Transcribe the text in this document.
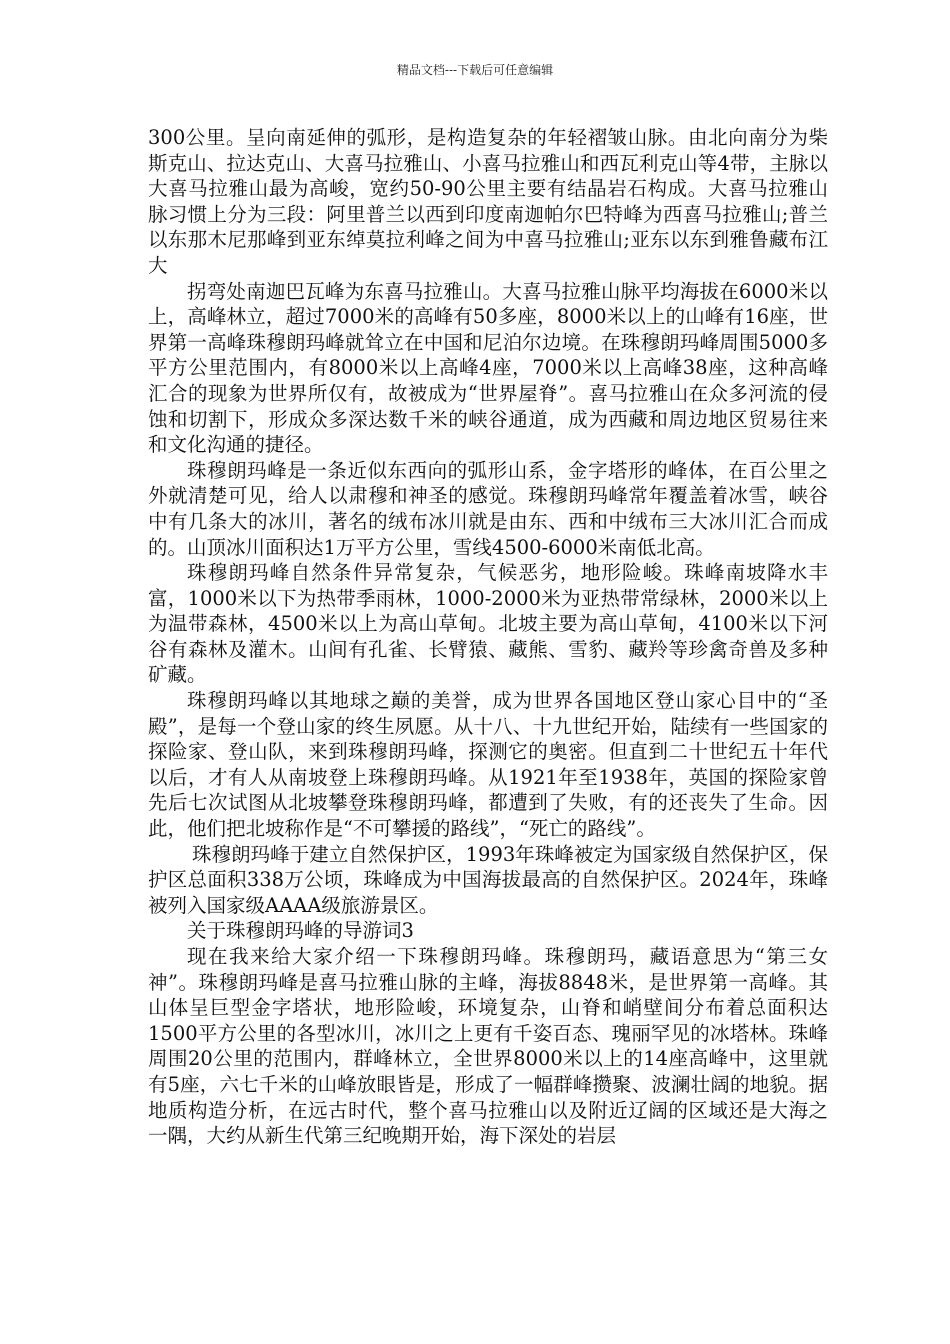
精品文档---下载后可任意编辑

300公里。呈向南延伸的弧形，是构造复杂的年轻褶皱山脉。由北向南分为柴斯克山、拉达克山、大喜马拉雅山、小喜马拉雅山和西瓦利克山等4带，主脉以大喜马拉雅山最为高峻，宽约50-90公里主要有结晶岩石构成。大喜马拉雅山脉习惯上分为三段：阿里普兰以西到印度南迦帕尔巴特峰为西喜马拉雅山;普兰以东那木尼那峰到亚东绰莫拉利峰之间为中喜马拉雅山;亚东以东到雅鲁藏布江大

拐弯处南迦巴瓦峰为东喜马拉雅山。大喜马拉雅山脉平均海拔在6000米以上，高峰林立，超过7000米的高峰有50多座，8000米以上的山峰有16座，世界第一高峰珠穆朗玛峰就耸立在中国和尼泊尔边境。在珠穆朗玛峰周围5000多平方公里范围内，有8000米以上高峰4座，7000米以上高峰38座，这种高峰汇合的现象为世界所仅有，故被成为“世界屋脊”。喜马拉雅山在众多河流的侵蚀和切割下，形成众多深达数千米的峡谷通道，成为西藏和周边地区贸易往来和文化沟通的捷径。

珠穆朗玛峰是一条近似东西向的弧形山系，金字塔形的峰体，在百公里之外就清楚可见，给人以肃穆和神圣的感觉。珠穆朗玛峰常年覆盖着冰雪，峡谷中有几条大的冰川，著名的绒布冰川就是由东、西和中绒布三大冰川汇合而成的。山顶冰川面积达1万平方公里，雪线4500-6000米南低北高。

珠穆朗玛峰自然条件异常复杂，气候恶劣，地形险峻。珠峰南坡降水丰富，1000米以下为热带季雨林，1000-2000米为亚热带常绿林，2000米以上为温带森林，4500米以上为高山草甸。北坡主要为高山草甸，4100米以下河谷有森林及灌木。山间有孔雀、长臂猿、藏熊、雪豹、藏羚等珍禽奇兽及多种矿藏。

珠穆朗玛峰以其地球之巅的美誉，成为世界各国地区登山家心目中的“圣殿”，是每一个登山家的终生夙愿。从十八、十九世纪开始，陆续有一些国家的探险家、登山队，来到珠穆朗玛峰，探测它的奥密。但直到二十世纪五十年代以后，才有人从南坡登上珠穆朗玛峰。从1921年至1938年，英国的探险家曾先后七次试图从北坡攀登珠穆朗玛峰，都遭到了失败，有的还丧失了生命。因此，他们把北坡称作是“不可攀援的路线”，“死亡的路线”。

珠穆朗玛峰于建立自然保护区，1993年珠峰被定为国家级自然保护区，保护区总面积338万公顷，珠峰成为中国海拔最高的自然保护区。2024年，珠峰被列入国家级AAAA级旅游景区。

关于珠穆朗玛峰的导游词3

现在我来给大家介绍一下珠穆朗玛峰。珠穆朗玛，藏语意思为“第三女神”。珠穆朗玛峰是喜马拉雅山脉的主峰，海拔8848米，是世界第一高峰。其山体呈巨型金字塔状，地形险峻，环境复杂，山脊和峭壁间分布着总面积达1500平方公里的各型冰川，冰川之上更有千姿百态、瑰丽罕见的冰塔林。珠峰周围20公里的范围内，群峰林立，全世界8000米以上的14座高峰中，这里就有5座，六七千米的山峰放眼皆是，形成了一幅群峰攒聚、波澜壮阔的地貌。据地质构造分析，在远古时代，整个喜马拉雅山以及附近辽阔的区域还是大海之一隅，大约从新生代第三纪晚期开始，海下深处的岩层
